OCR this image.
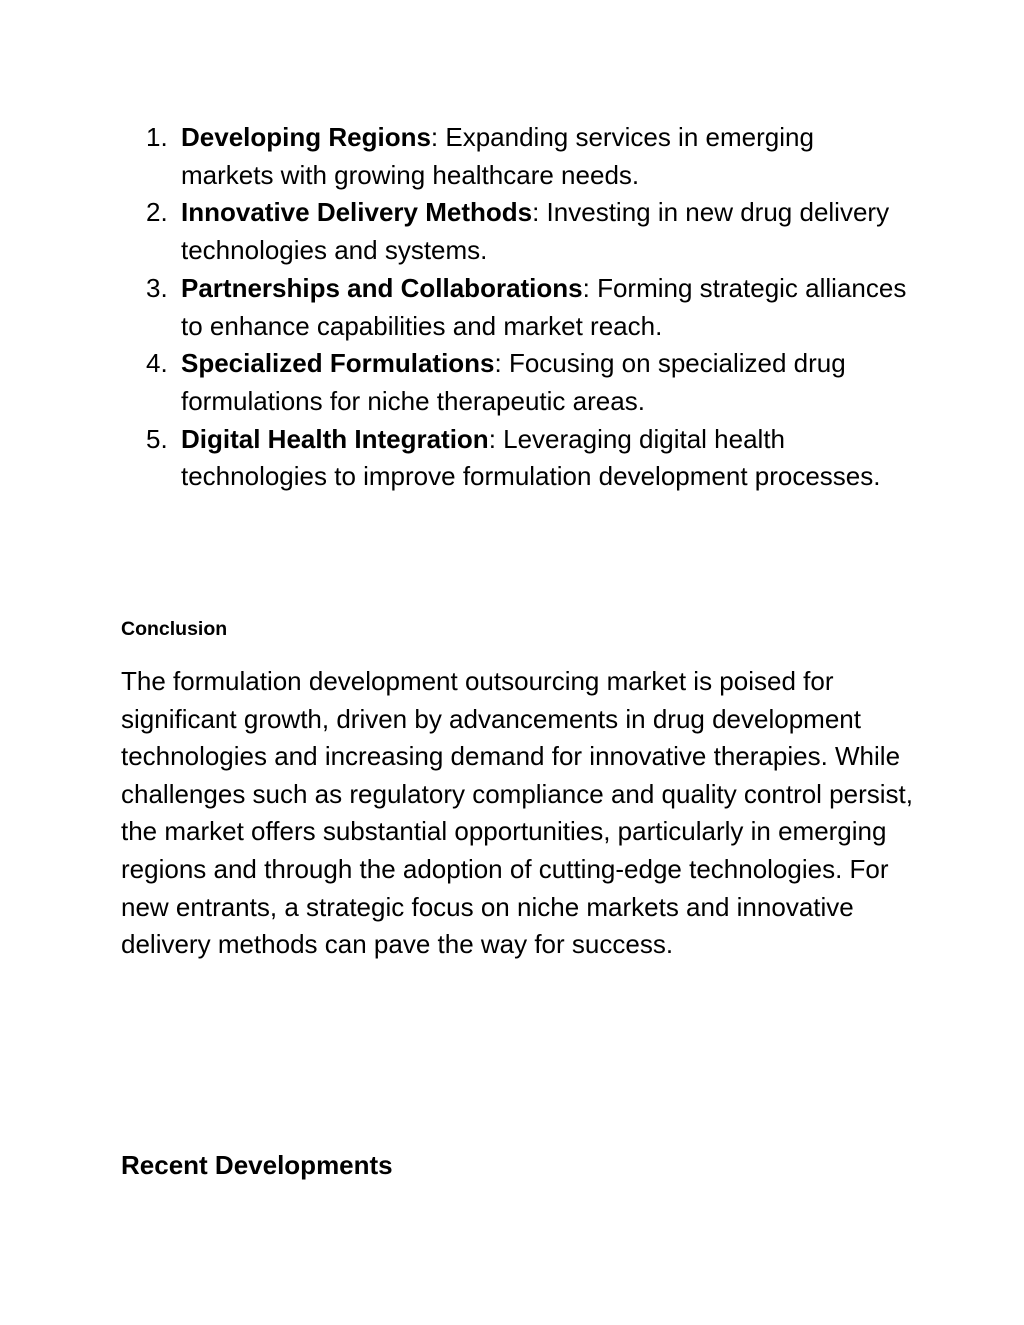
1. Developing Regions: Expanding services in emerging markets with growing healthcare needs.
2. Innovative Delivery Methods: Investing in new drug delivery technologies and systems.
3. Partnerships and Collaborations: Forming strategic alliances to enhance capabilities and market reach.
4. Specialized Formulations: Focusing on specialized drug formulations for niche therapeutic areas.
5. Digital Health Integration: Leveraging digital health technologies to improve formulation development processes.
Conclusion

The formulation development outsourcing market is poised for significant growth, driven by advancements in drug development technologies and increasing demand for innovative therapies. While challenges such as regulatory compliance and quality control persist, the market offers substantial opportunities, particularly in emerging regions and through the adoption of cutting-edge technologies. For new entrants, a strategic focus on niche markets and innovative delivery methods can pave the way for success.

Recent Developments
